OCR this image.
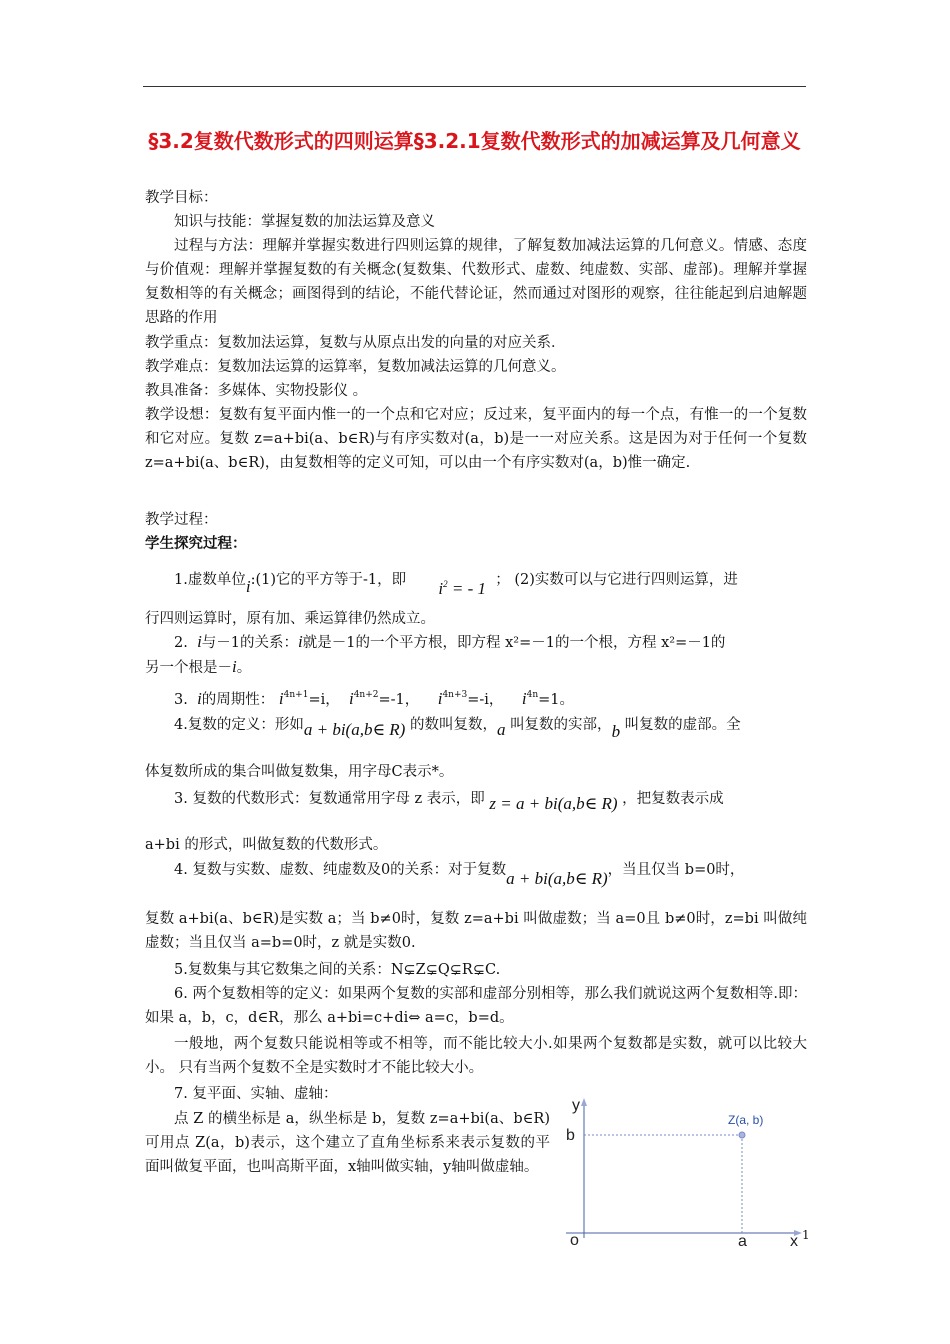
§3.2复数代数形式的四则运算§3.2.1复数代数形式的加减运算及几何意义
教学目标：
知识与技能：掌握复数的加法运算及意义
过程与方法：理解并掌握实数进行四则运算的规律，了解复数加减法运算的几何意义。情感、态度与价值观：理解并掌握复数的有关概念(复数集、代数形式、虚数、纯虚数、实部、虚部)。理解并掌握复数相等的有关概念；画图得到的结论，不能代替论证，然而通过对图形的观察，往往能起到启迪解题思路的作用
教学重点：复数加法运算，复数与从原点出发的向量的对应关系．
教学难点：复数加法运算的运算率，复数加减法运算的几何意义。
教具准备：多媒体、实物投影仪 。
教学设想：复数有复平面内惟一的一个点和它对应；反过来，复平面内的每一个点，有惟一的一个复数和它对应。复数 z=a+bi(a、b∈R)与有序实数对(a，b)是一一对应关系。这是因为对于任何一个复数 z=a+bi(a、b∈R)，由复数相等的定义可知，可以由一个有序实数对(a，b)惟一确定.
教学过程：
学生探究过程：
1.虚数单位i:(1)它的平方等于-1，即 $i^2$ = - 1 ； (2)实数可以与它进行四则运算，进
行四则运算时，原有加、乘运算律仍然成立。
2. i与－1的关系：i就是－1的一个平方根，即方程 x²=－1的一个根，方程 x²=－1的
另一个根是－i。
3. i的周期性： $i^{4n+1}=i$， $i^{4n+2}=-1$， $i^{4n+3}=-i$， $i^{4n}=1$。
4.复数的定义：形如a + bi(a,b∈ R) 的数叫复数，a 叫复数的实部，b 叫复数的虚部。全
体复数所成的集合叫做复数集，用字母C表示*。
3. 复数的代数形式：复数通常用字母 z 表示，即 z = a + bi(a,b∈ R) ，把复数表示成
a+bi 的形式，叫做复数的代数形式。
4. 复数与实数、虚数、纯虚数及0的关系：对于复数a + bi(a,b∈ R)，当且仅当 b=0时，
复数 a+bi(a、b∈R)是实数 a；当 b≠0时，复数 z=a+bi 叫做虚数；当 a=0且 b≠0时，z=bi 叫做纯虚数；当且仅当 a=b=0时，z 就是实数0.
5.复数集与其它数集之间的关系：N⊊Z⊊Q⊊R⊊C.
6. 两个复数相等的定义：如果两个复数的实部和虚部分别相等，那么我们就说这两个复数相等.即：如果 a，b，c，d∈R，那么 a+bi=c+di⇔ a=c，b=d。
一般地，两个复数只能说相等或不相等，而不能比较大小.如果两个复数都是实数，就可以比较大小。 只有当两个复数不全是实数时才不能比较大小。
7. 复平面、实轴、虚轴：
点 Z 的横坐标是 a，纵坐标是 b，复数 z=a+bi(a、b∈R)可用点 Z(a，b)表示，这个建立了直角坐标系来表示复数的平面叫做复平面，也叫高斯平面，x轴叫做实轴，y轴叫做虚轴。
y
b
Z(a, b)
o	a	x 1
